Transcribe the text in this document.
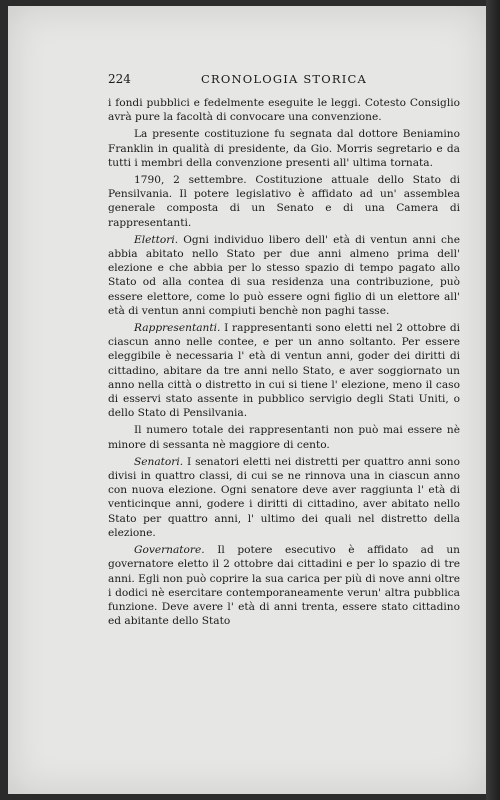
224	CRONOLOGIA STORICA

i fondi pubblici e fedelmente eseguite le leggi. Cotesto Consiglio avrà pure la facoltà di convocare una convenzione.

La presente costituzione fu segnata dal dottore Beniamino Franklin in qualità di presidente, da Gio. Morris segretario e da tutti i membri della convenzione presenti all' ultima tornata.

1790, 2 settembre. Costituzione attuale dello Stato di Pensilvania. Il potere legislativo è affidato ad un' assemblea generale composta di un Senato e di una Camera di rappresentanti.

Elettori. Ogni individuo libero dell' età di ventun anni che abbia abitato nello Stato per due anni almeno prima dell' elezione e che abbia per lo stesso spazio di tempo pagato allo Stato od alla contea di sua residenza una contribuzione, può essere elettore, come lo può essere ogni figlio di un elettore all' età di ventun anni compiuti benchè non paghi tasse.

Rappresentanti. I rappresentanti sono eletti nel 2 ottobre di ciascun anno nelle contee, e per un anno soltanto. Per essere eleggibile è necessaria l' età di ventun anni, goder dei diritti di cittadino, abitare da tre anni nello Stato, e aver soggiornato un anno nella città o distretto in cui si tiene l' elezione, meno il caso di esservi stato assente in pubblico servigio degli Stati Uniti, o dello Stato di Pensilvania.

Il numero totale dei rappresentanti non può mai essere nè minore di sessanta nè maggiore di cento.

Senatori. I senatori eletti nei distretti per quattro anni sono divisi in quattro classi, di cui se ne rinnova una in ciascun anno con nuova elezione. Ogni senatore deve aver raggiunta l' età di venticinque anni, godere i diritti di cittadino, aver abitato nello Stato per quattro anni, l' ultimo dei quali nel distretto della elezione.

Governatore. Il potere esecutivo è affidato ad un governatore eletto il 2 ottobre dai cittadini e per lo spazio di tre anni. Egli non può coprire la sua carica per più di nove anni oltre i dodici nè esercitare contemporaneamente verun' altra pubblica funzione. Deve avere l' età di anni trenta, essere stato cittadino ed abitante dello Stato
